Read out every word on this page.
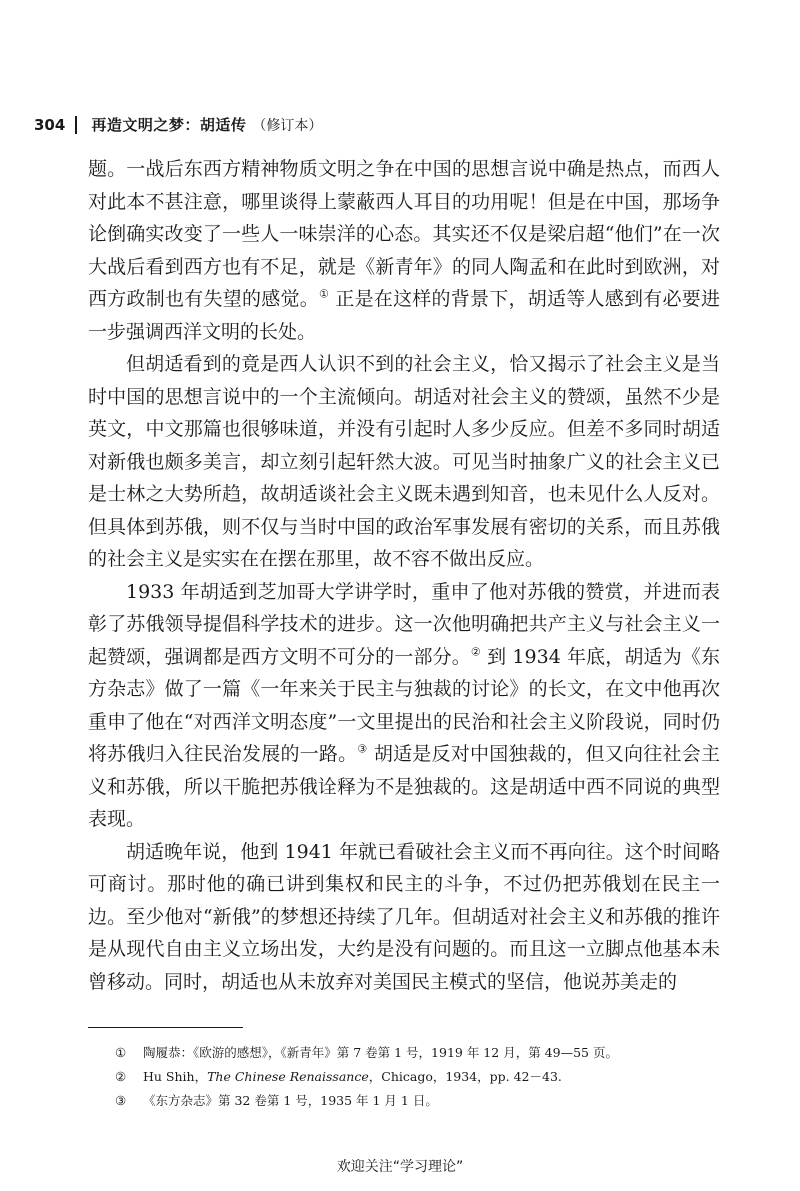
304 再造文明之梦：胡适传 （修订本）

题。一战后东西方精神物质文明之争在中国的思想言说中确是热点，而西人对此本不甚注意，哪里谈得上蒙蔽西人耳目的功用呢！但是在中国，那场争论倒确实改变了一些人一味崇洋的心态。其实还不仅是梁启超“他们”在一次大战后看到西方也有不足，就是《新青年》的同人陶孟和在此时到欧洲，对西方政制也有失望的感觉。① 正是在这样的背景下，胡适等人感到有必要进一步强调西洋文明的长处。

但胡适看到的竟是西人认识不到的社会主义，恰又揭示了社会主义是当时中国的思想言说中的一个主流倾向。胡适对社会主义的赞颂，虽然不少是英文，中文那篇也很够味道，并没有引起时人多少反应。但差不多同时胡适对新俄也颇多美言，却立刻引起轩然大波。可见当时抽象广义的社会主义已是士林之大势所趋，故胡适谈社会主义既未遇到知音，也未见什么人反对。但具体到苏俄，则不仅与当时中国的政治军事发展有密切的关系，而且苏俄的社会主义是实实在在摆在那里，故不容不做出反应。

1933 年胡适到芝加哥大学讲学时，重申了他对苏俄的赞赏，并进而表彰了苏俄领导提倡科学技术的进步。这一次他明确把共产主义与社会主义一起赞颂，强调都是西方文明不可分的一部分。② 到 1934 年底，胡适为《东方杂志》做了一篇《一年来关于民主与独裁的讨论》的长文，在文中他再次重申了他在“对西洋文明态度”一文里提出的民治和社会主义阶段说，同时仍将苏俄归入往民治发展的一路。③ 胡适是反对中国独裁的，但又向往社会主义和苏俄，所以干脆把苏俄诠释为不是独裁的。这是胡适中西不同说的典型表现。

胡适晚年说，他到 1941 年就已看破社会主义而不再向往。这个时间略可商讨。那时他的确已讲到集权和民主的斗争，不过仍把苏俄划在民主一边。至少他对“新俄”的梦想还持续了几年。但胡适对社会主义和苏俄的推许是从现代自由主义立场出发，大约是没有问题的。而且这一立脚点他基本未曾移动。同时，胡适也从未放弃对美国民主模式的坚信，他说苏美走的

①	陶履恭：《欧游的感想》，《新青年》第 7 卷第 1 号，1919 年 12 月，第 49—55 页。
②	Hu Shih，The Chinese Renaissance，Chicago，1934，pp. 42－43.
③	《东方杂志》第 32 卷第 1 号，1935 年 1 月 1 日。
欢迎关注“学习理论”
